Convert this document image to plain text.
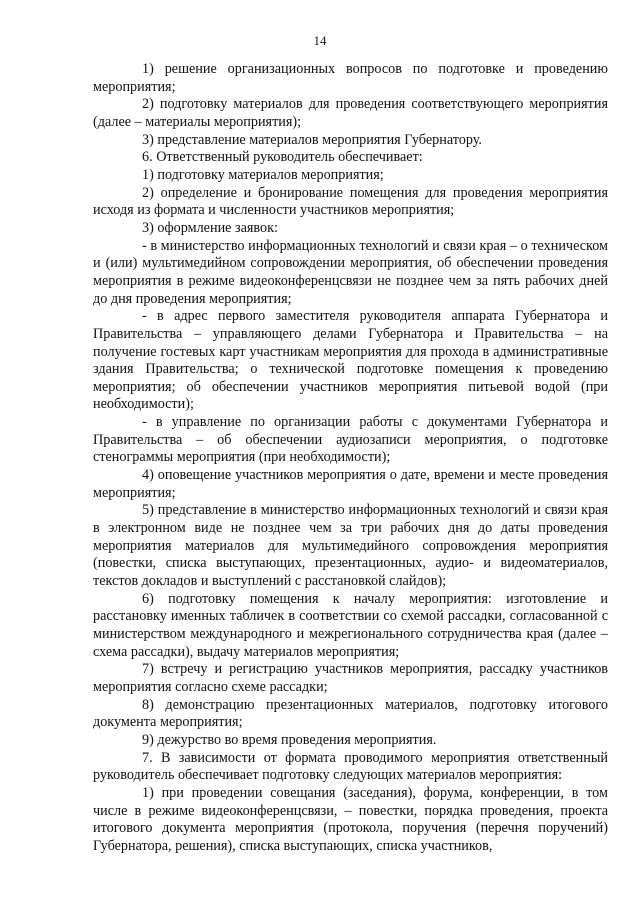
14

1) решение организационных вопросов по подготовке и проведению мероприятия;

2) подготовку материалов для проведения соответствующего мероприятия (далее – материалы мероприятия);

3) представление материалов мероприятия Губернатору.

6. Ответственный руководитель обеспечивает:

1) подготовку материалов мероприятия;

2) определение и бронирование помещения для проведения мероприятия исходя из формата и численности участников мероприятия;

3) оформление заявок:

- в министерство информационных технологий и связи края – о техническом и (или) мультимедийном сопровождении мероприятия, об обеспечении проведения мероприятия в режиме видеоконференцсвязи не позднее чем за пять рабочих дней до дня проведения мероприятия;

- в адрес первого заместителя руководителя аппарата Губернатора и Правительства – управляющего делами Губернатора и Правительства – на получение гостевых карт участникам мероприятия для прохода в административные здания Правительства; о технической подготовке помещения к проведению мероприятия; об обеспечении участников мероприятия питьевой водой (при необходимости);

- в управление по организации работы с документами Губернатора и Правительства – об обеспечении аудиозаписи мероприятия, о подготовке стенограммы мероприятия (при необходимости);

4) оповещение участников мероприятия о дате, времени и месте проведения мероприятия;

5) представление в министерство информационных технологий и связи края в электронном виде не позднее чем за три рабочих дня до даты проведения мероприятия материалов для мультимедийного сопровождения мероприятия (повестки, списка выступающих, презентационных, аудио- и видеоматериалов, текстов докладов и выступлений с расстановкой слайдов);

6) подготовку помещения к началу мероприятия: изготовление и расстановку именных табличек в соответствии со схемой рассадки, согласованной с министерством международного и межрегионального сотрудничества края (далее – схема рассадки), выдачу материалов мероприятия;

7) встречу и регистрацию участников мероприятия, рассадку участников мероприятия согласно схеме рассадки;

8) демонстрацию презентационных материалов, подготовку итогового документа мероприятия;

9) дежурство во время проведения мероприятия.

7. В зависимости от формата проводимого мероприятия ответственный руководитель обеспечивает подготовку следующих материалов мероприятия:

1) при проведении совещания (заседания), форума, конференции, в том числе в режиме видеоконференцсвязи, – повестки, порядка проведения, проекта итогового документа мероприятия (протокола, поручения (перечня поручений) Губернатора, решения), списка выступающих, списка участников,
